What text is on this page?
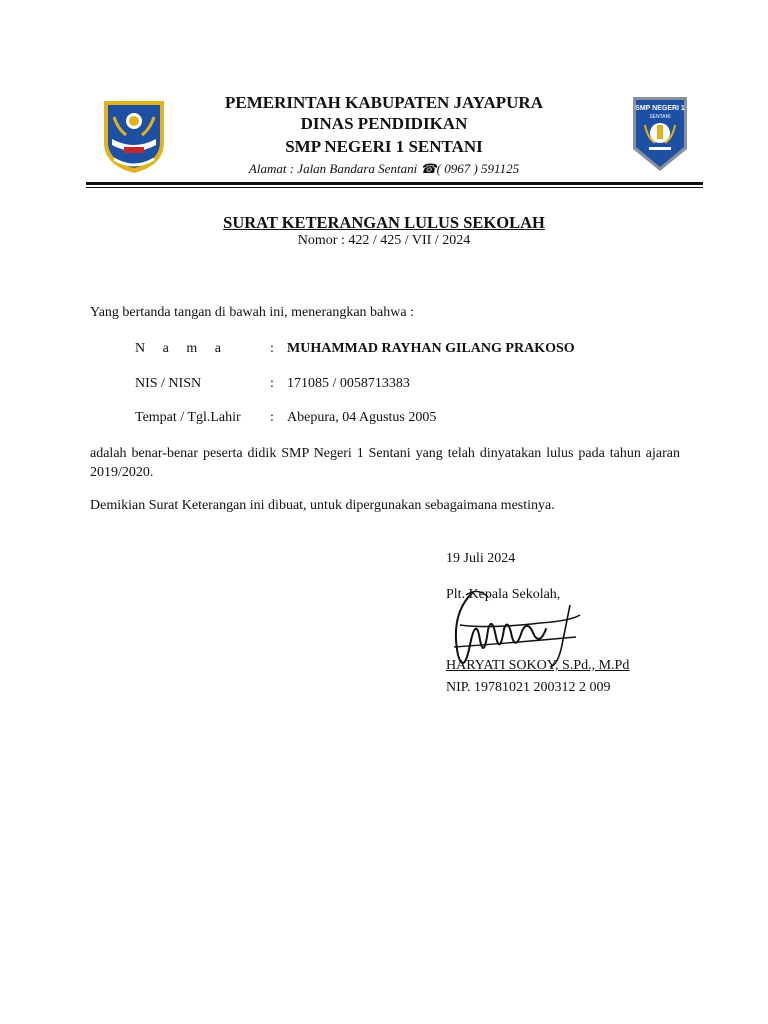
SMP NEGERI 1
SENTANI
PEMERINTAH KABUPATEN JAYAPURA
DINAS PENDIDIKAN
SMP NEGERI 1 SENTANI
Alamat : Jalan Bandara Sentani ☎( 0967 ) 591125
SURAT KETERANGAN LULUS SEKOLAH
Nomor : 422 / 425 / VII / 2024
Yang bertanda tangan di bawah ini, menerangkan bahwa :
N a m a	: MUHAMMAD RAYHAN GILANG PRAKOSO
NIS / NISN	: 171085 / 0058713383
Tempat / Tgl.Lahir : Abepura, 04 Agustus 2005
adalah benar-benar peserta didik SMP Negeri 1 Sentani yang telah dinyatakan lulus pada tahun ajaran 2019/2020.
Demikian Surat Keterangan ini dibuat, untuk dipergunakan sebagaimana mestinya.
19 Juli 2024
Plt. Kepala Sekolah,
HARYATI SOKOY, S.Pd., M.Pd
NIP. 19781021 200312 2 009
